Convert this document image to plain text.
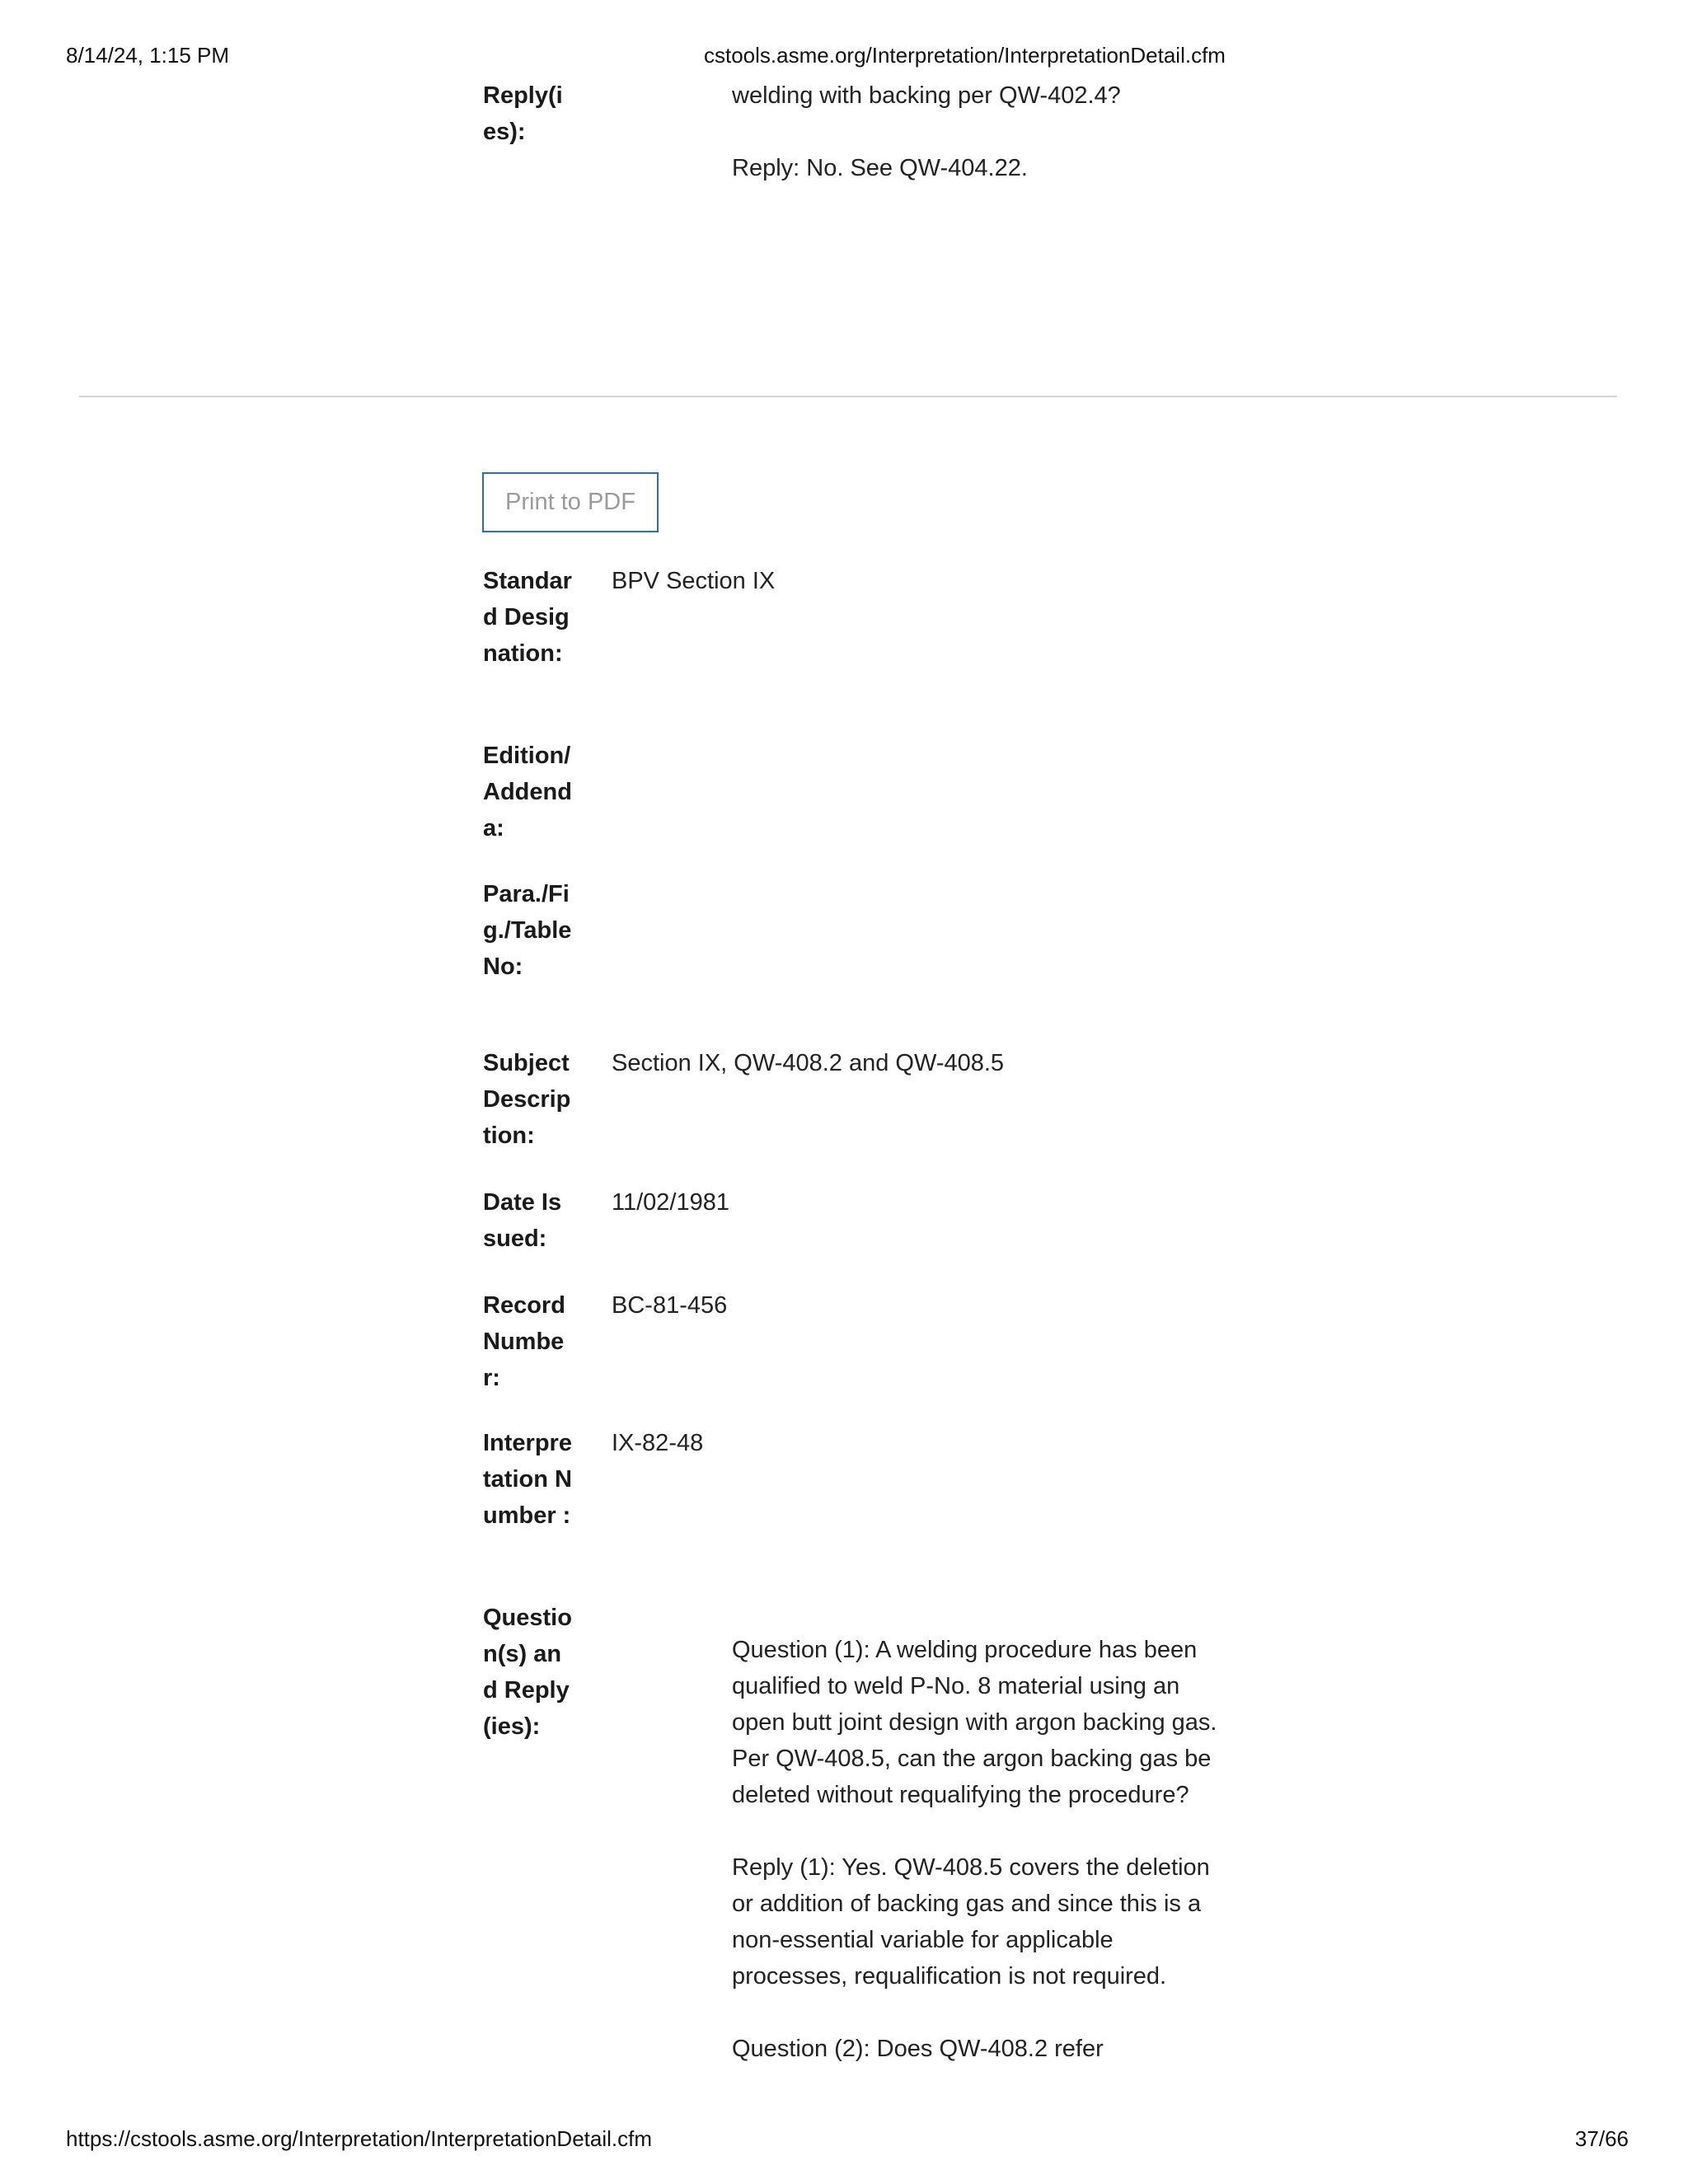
8/14/24, 1:15 PM	cstools.asme.org/Interpretation/InterpretationDetail.cfm
Reply(ies):

welding with backing per QW-402.4?

Reply: No. See QW-404.22.

Print to PDF
Standard Designation:
BPV Section IX
Edition/Addenda:
Para./Fig./Table No:
Subject Description:
Section IX, QW-408.2 and QW-408.5
Date Issued:
11/02/1981
Record Number:
BC-81-456
Interpretation Number :
IX-82-48
Question(s) and Reply(ies):

Question (1): A welding procedure has been qualified to weld P-No. 8 material using an open butt joint design with argon backing gas. Per QW-408.5, can the argon backing gas be deleted without requalifying the procedure?

Reply (1): Yes. QW-408.5 covers the deletion or addition of backing gas and since this is a non-essential variable for applicable processes, requalification is not required.

Question (2): Does QW-408.2 refer

https://cstools.asme.org/Interpretation/InterpretationDetail.cfm	37/66
